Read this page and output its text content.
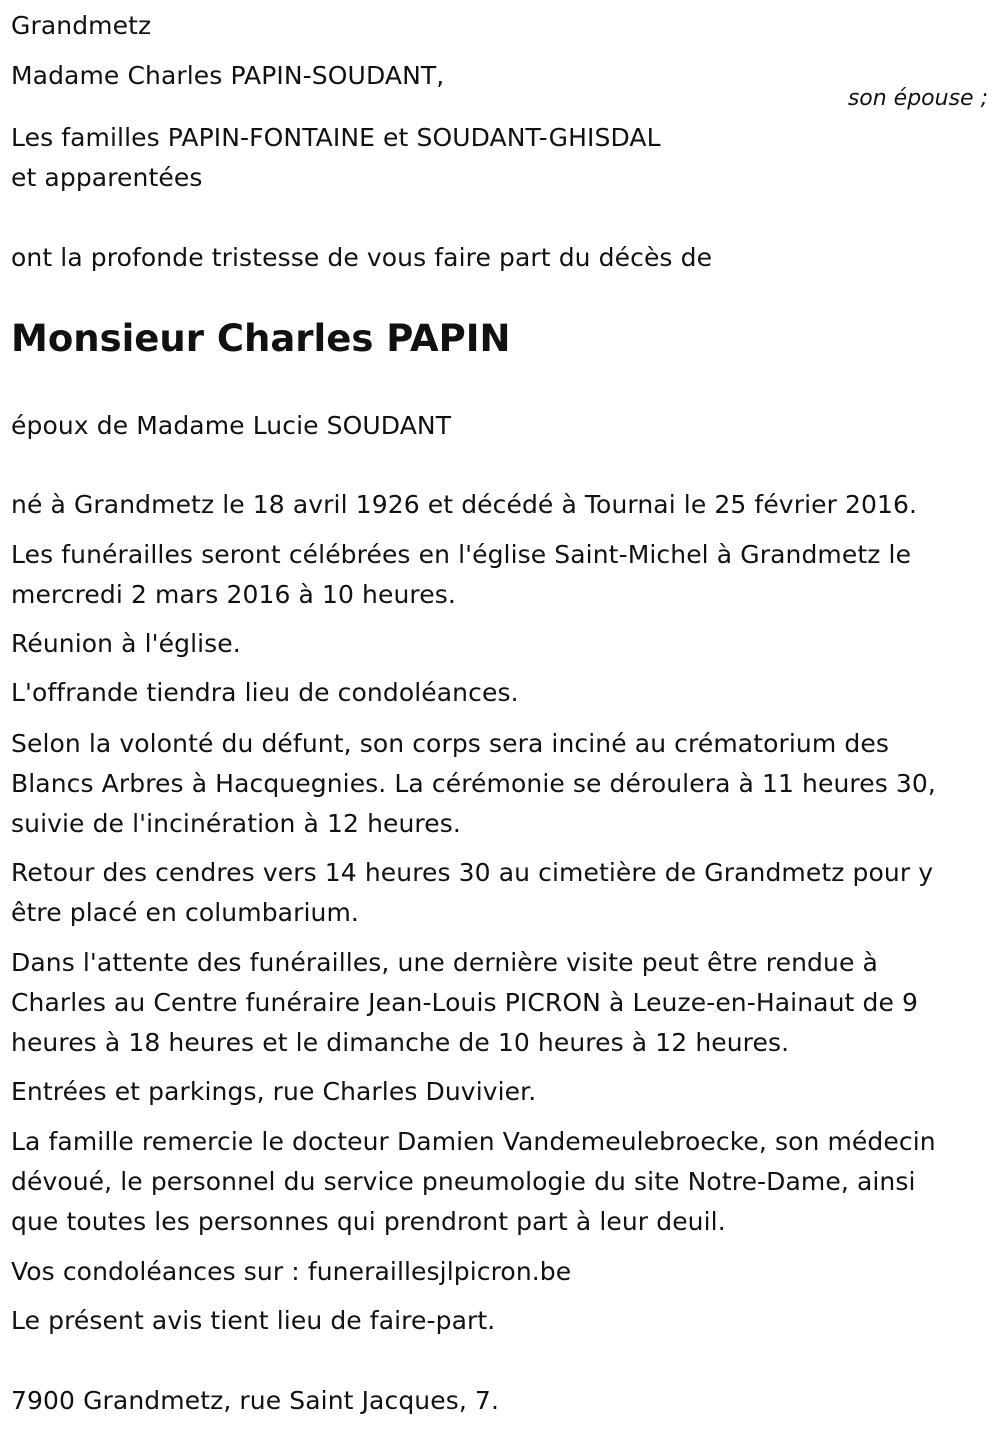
Grandmetz
Madame Charles PAPIN-SOUDANT,
son épouse ;
Les familles PAPIN-FONTAINE et SOUDANT-GHISDAL
et apparentées
ont la profonde tristesse de vous faire part du décès de
Monsieur Charles PAPIN
époux de Madame Lucie SOUDANT
né à Grandmetz le 18 avril 1926 et décédé à Tournai le 25 février 2016.
Les funérailles seront célébrées en l'église Saint-Michel à Grandmetz le
mercredi 2 mars 2016 à 10 heures.
Réunion à l'église.
L'offrande tiendra lieu de condoléances.
Selon la volonté du défunt, son corps sera inciné au crématorium des
Blancs Arbres à Hacquegnies. La cérémonie se déroulera à 11 heures 30,
suivie de l'incinération à 12 heures.
Retour des cendres vers 14 heures 30 au cimetière de Grandmetz pour y
être placé en columbarium.
Dans l'attente des funérailles, une dernière visite peut être rendue à
Charles au Centre funéraire Jean-Louis PICRON à Leuze-en-Hainaut de 9
heures à 18 heures et le dimanche de 10 heures à 12 heures.
Entrées et parkings, rue Charles Duvivier.
La famille remercie le docteur Damien Vandemeulebroecke, son médecin
dévoué, le personnel du service pneumologie du site Notre-Dame, ainsi
que toutes les personnes qui prendront part à leur deuil.
Vos condoléances sur : funeraillesjlpicron.be
Le présent avis tient lieu de faire-part.
7900 Grandmetz, rue Saint Jacques, 7.
